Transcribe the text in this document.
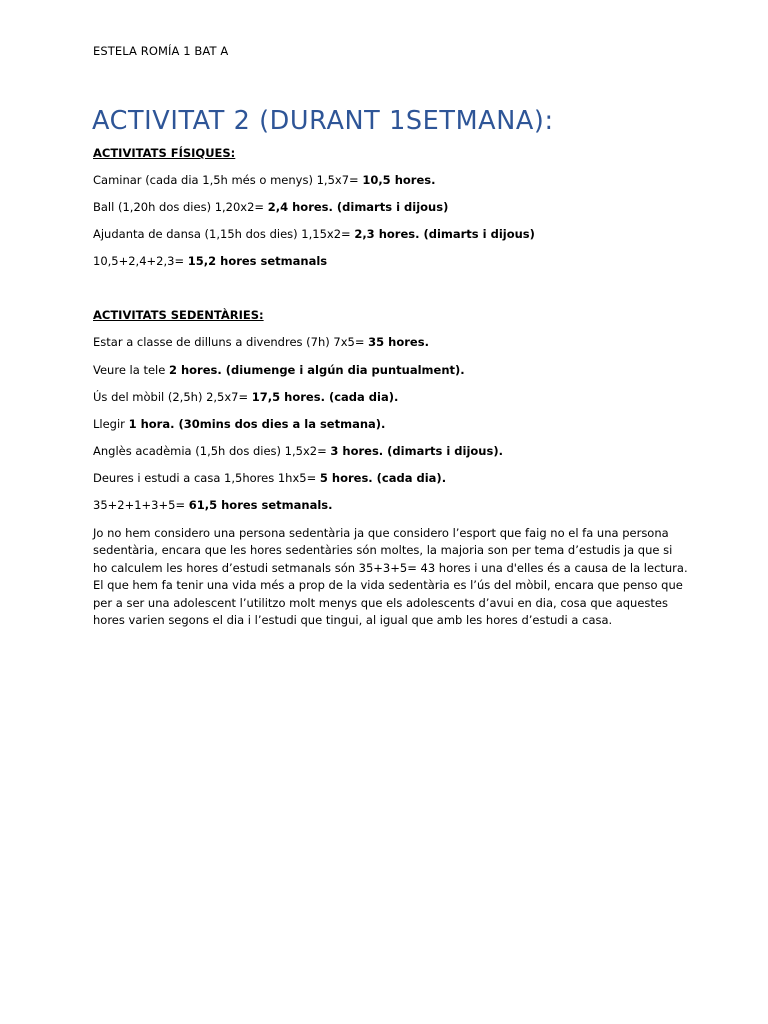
ESTELA ROMÍA 1 BAT A
ACTIVITAT 2 (DURANT 1SETMANA):
ACTIVITATS FÍSIQUES:
Caminar (cada dia 1,5h més o menys) 1,5x7= 10,5 hores.
Ball (1,20h dos dies) 1,20x2= 2,4 hores. (dimarts i dijous)
Ajudanta de dansa (1,15h dos dies) 1,15x2= 2,3 hores. (dimarts i dijous)
10,5+2,4+2,3= 15,2 hores setmanals
ACTIVITATS SEDENTÀRIES:
Estar a classe de dilluns a divendres (7h) 7x5= 35 hores.
Veure la tele 2 hores. (diumenge i algún dia puntualment).
Ús del mòbil (2,5h) 2,5x7= 17,5 hores. (cada dia).
Llegir 1 hora. (30mins dos dies a la setmana).
Anglès acadèmia (1,5h dos dies) 1,5x2= 3 hores. (dimarts i dijous).
Deures i estudi a casa 1,5hores 1hx5= 5 hores. (cada dia).
35+2+1+3+5= 61,5 hores setmanals.
Jo no hem considero una persona sedentària ja que considero l’esport que faig no el fa una persona
sedentària, encara que les hores sedentàries són moltes, la majoria son per tema d’estudis ja que si
ho calculem les hores d’estudi setmanals són 35+3+5= 43 hores i una d'elles és a causa de la lectura.
El que hem fa tenir una vida més a prop de la vida sedentària es l’ús del mòbil, encara que penso que
per a ser una adolescent l’utilitzo molt menys que els adolescents d’avui en dia, cosa que aquestes
hores varien segons el dia i l’estudi que tingui, al igual que amb les hores d’estudi a casa.
